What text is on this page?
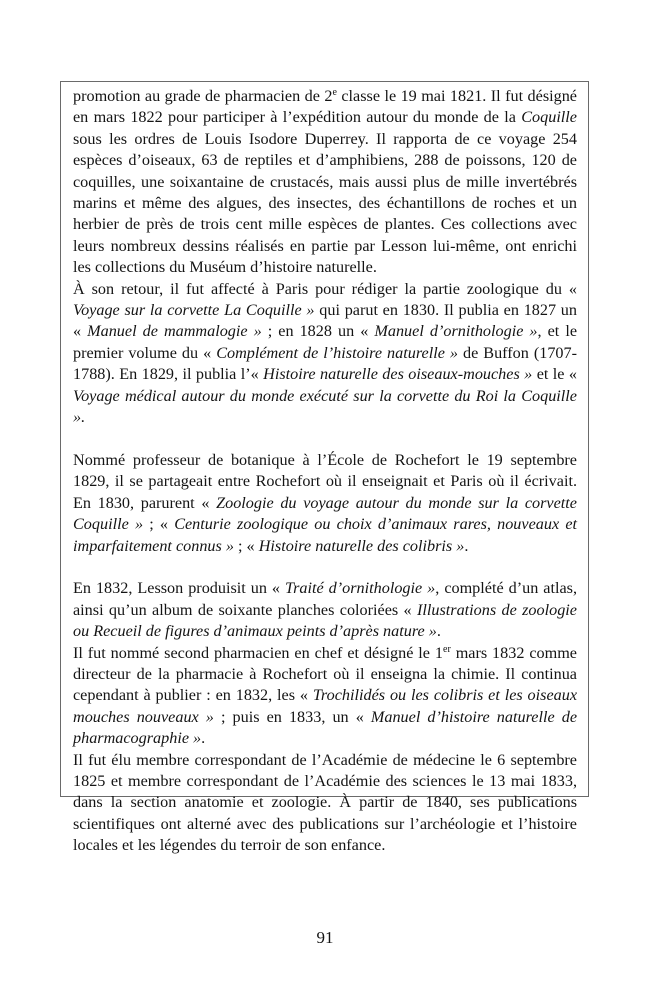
promotion au grade de pharmacien de 2e classe le 19 mai 1821. Il fut désigné en mars 1822 pour participer à l’expédition autour du monde de la Coquille sous les ordres de Louis Isodore Duperrey. Il rapporta de ce voyage 254 espèces d’oiseaux, 63 de reptiles et d’amphibiens, 288 de poissons, 120 de coquilles, une soixantaine de crustacés, mais aussi plus de mille invertébrés marins et même des algues, des insectes, des échantillons de roches et un herbier de près de trois cent mille espèces de plantes. Ces collections avec leurs nombreux dessins réalisés en partie par Lesson lui-même, ont enrichi les collections du Muséum d’histoire naturelle.

À son retour, il fut affecté à Paris pour rédiger la partie zoologique du « Voyage sur la corvette La Coquille » qui parut en 1830. Il publia en 1827 un « Manuel de mammalogie » ; en 1828 un « Manuel d’ornithologie », et le premier volume du « Complément de l’histoire naturelle » de Buffon (1707-1788). En 1829, il publia l’« Histoire naturelle des oiseaux-mouches » et le « Voyage médical autour du monde exécuté sur la corvette du Roi la Coquille ».

Nommé professeur de botanique à l’École de Rochefort le 19 septembre 1829, il se partageait entre Rochefort où il enseignait et Paris où il écrivait. En 1830, parurent « Zoologie du voyage autour du monde sur la corvette Coquille » ; « Centurie zoologique ou choix d’animaux rares, nouveaux et imparfaitement connus » ; « Histoire naturelle des colibris ».

En 1832, Lesson produisit un « Traité d’ornithologie », complété d’un atlas, ainsi qu’un album de soixante planches coloriées « Illustrations de zoologie ou Recueil de figures d’animaux peints d’après nature ».

Il fut nommé second pharmacien en chef et désigné le 1er mars 1832 comme directeur de la pharmacie à Rochefort où il enseigna la chimie. Il continua cependant à publier : en 1832, les « Trochilidés ou les colibris et les oiseaux mouches nouveaux » ; puis en 1833, un « Manuel d’histoire naturelle de pharmacographie ».

Il fut élu membre correspondant de l’Académie de médecine le 6 septembre 1825 et membre correspondant de l’Académie des sciences le 13 mai 1833, dans la section anatomie et zoologie. À partir de 1840, ses publications scientifiques ont alterné avec des publications sur l’archéologie et l’histoire locales et les légendes du terroir de son enfance.

91
